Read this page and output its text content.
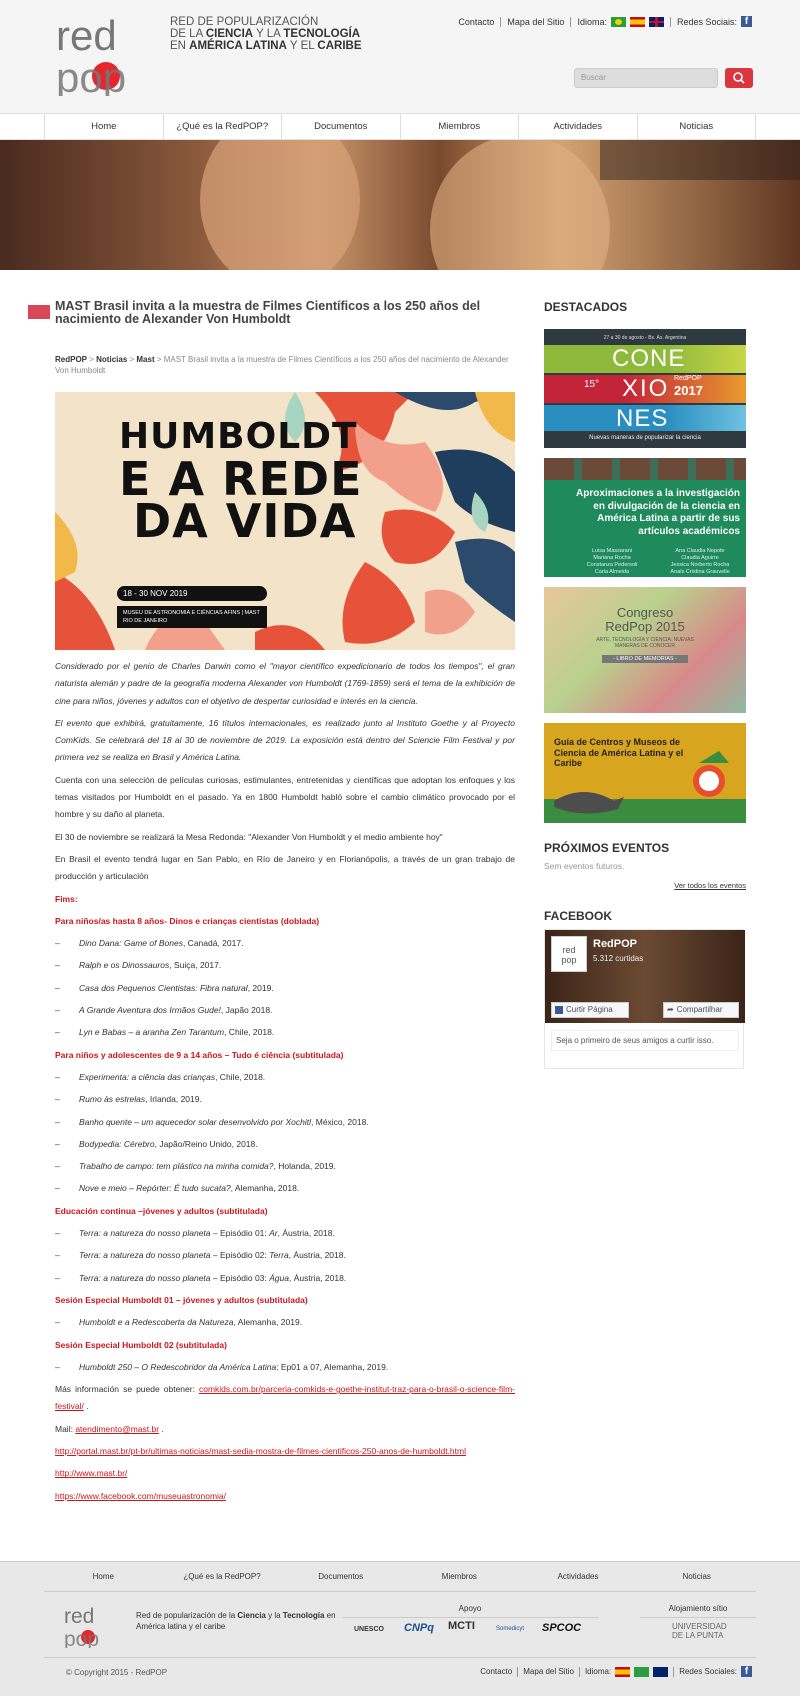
red
pop
RED DE POPULARIZACIÓN
DE LA CIENCIA Y LA TECNOLOGÍA
EN AMÉRICA LATINA Y EL CARIBE
Contacto Mapa del Sitio Idioma:	Redes Sociais: f
Buscar
Home	¿Qué es la RedPOP?	Documentos	Miembros	Actividades	Noticias
MAST Brasil invita a la muestra de Filmes Científicos a los 250 años del nacimiento de Alexander Von Humboldt
RedPOP > Noticias > Mast > MAST Brasil invita a la muestra de Filmes Científicos a los 250 años del nacimiento de Alexander Von Humboldt
HUMBOLDT
E A REDE
DA VIDA
18 - 30 NOV 2019
MUSEU DE ASTRONOMIA E CIÊNCIAS AFINS | MAST
RIO DE JANEIRO

Considerado por el genio de Charles Darwin como el "mayor científico expedicionario de todos los tiempos", el gran naturista alemán y padre de la geografía moderna Alexander von Humboldt (1769-1859) será el tema de la exhibición de cine para niños, jóvenes y adultos con el objetivo de despertar curiosidad e interés en la ciencia.

El evento que exhibirá, gratuitamente, 16 títulos internacionales, es realizado junto al Instituto Goethe y al Proyecto ComKids. Se celebrará del 18 al 30 de noviembre de 2019. La exposición está dentro del Sciencie Film Festival y por primera vez se realiza en Brasil y América Latina.

Cuenta con una selección de películas curiosas, estimulantes, entretenidas y científicas que adoptan los enfoques y los temas visitados por Humboldt en el pasado. Ya en 1800 Humboldt habló sobre el cambio climático provocado por el hombre y su daño al planeta.

El 30 de noviembre se realizará la Mesa Redonda: "Alexander Von Humboldt y el medio ambiente hoy"

En Brasil el evento tendrá lugar en San Pablo, en Río de Janeiro y en Florianópolis, a través de un gran trabajo de producción y articulación

Fims:

Para niños/as hasta 8 años- Dinos e crianças cientistas (doblada)

–	Dino Dana: Game of Bones, Canadá, 2017.

–	Ralph e os Dinossauros, Suiça, 2017.

–	Casa dos Pequenos Cientistas: Fibra natural, 2019.

–	A Grande Aventura dos Irmãos Gude!, Japão 2018.

–	Lyn e Babas – a aranha Zen Tarantum, Chile, 2018.

Para niños y adolescentes de 9 a 14 años – Tudo é ciência (subtitulada)

–	Experimenta: a ciência das crianças, Chile, 2018.

–	Rumo às estrelas, Irlanda, 2019.

–	Banho quente – um aquecedor solar desenvolvido por Xochitl, México, 2018.

–	Bodypedia: Cérebro, Japão/Reino Unido, 2018.

–	Trabalho de campo: tem plástico na minha comida?, Holanda, 2019.

–	Nove e meio – Repórter: É tudo sucata?, Alemanha, 2018.

Educación continua –jóvenes y adultos (subtitulada)

–	Terra: a natureza do nosso planeta – Episódio 01: Ar, Áustria, 2018.

–	Terra: a natureza do nosso planeta – Episódio 02: Terra, Áustria, 2018.

–	Terra: a natureza do nosso planeta – Episódio 03: Água, Áustria, 2018.

Sesión Especial Humboldt 01 – jóvenes y adultos (subtitulada)

–	Humboldt e a Redescoberta da Natureza, Alemanha, 2019.

Sesión Especial Humboldt 02 (subtitulada)

–	Humboldt 250 – O Redescobridor da América Latina: Ep01 a 07, Alemanha, 2019.

Más información se puede obtener: comkids.com.br/parceria-comkids-e-goethe-institut-traz-para-o-brasil-o-science-film-festival/ .

Mail: atendimento@mast.br .

http://portal.mast.br/pt-br/ultimas-noticias/mast-sedia-mostra-de-filmes-cientificos-250-anos-de-humboldt.html

http://www.mast.br/

https://www.facebook.com/museuastronomia/

DESTACADOS
27 a 30 de agosto - Bs. As. Argentina
CONE
15° XIO RedPOP
2017
NES
Nuevas maneras de popularizar la ciencia
Aproximaciones a la investigación en divulgación de la ciencia en América Latina a partir de sus artículos académicos
Luisa Massarani
Mariana Rocha
Constanza Pedersoli
Carla Almeida
Ana Claudia Nepote
Claudia Aguirre
Jessica Norberto Rocha
Anaïs Cristina Grauvelle
Congreso
RedPop 2015
ARTE, TECNOLOGÍA Y CIENCIA: NUEVAS MANERAS DE CONOCER
- LIBRO DE MEMORIAS -
Guía de Centros y Museos de Ciencia de América Latina y el Caribe
PRÓXIMOS EVENTOS
Sem eventos futuros.
Ver todos los eventos
FACEBOOK
red
pop
RedPOP
5.312 curtidas
Curtir Página	➦ Compartilhar
Seja o primeiro de seus amigos a curtir isso.
Home	¿Qué es la RedPOP?	Documentos	Miembros	Actividades	Noticias
red
pop
Red de popularización de la Ciencia y la Tecnología en América latina y el caribe
Apoyo	Alojamiento sítio
UNESCO CNPq MCTI	Somedicyt SPCOC	UNIVERSIDAD
DE LA PUNTA
© Copyright 2015 - RedPOP	Contacto Mapa del Sitio Idioma:	Redes Sociales: f
